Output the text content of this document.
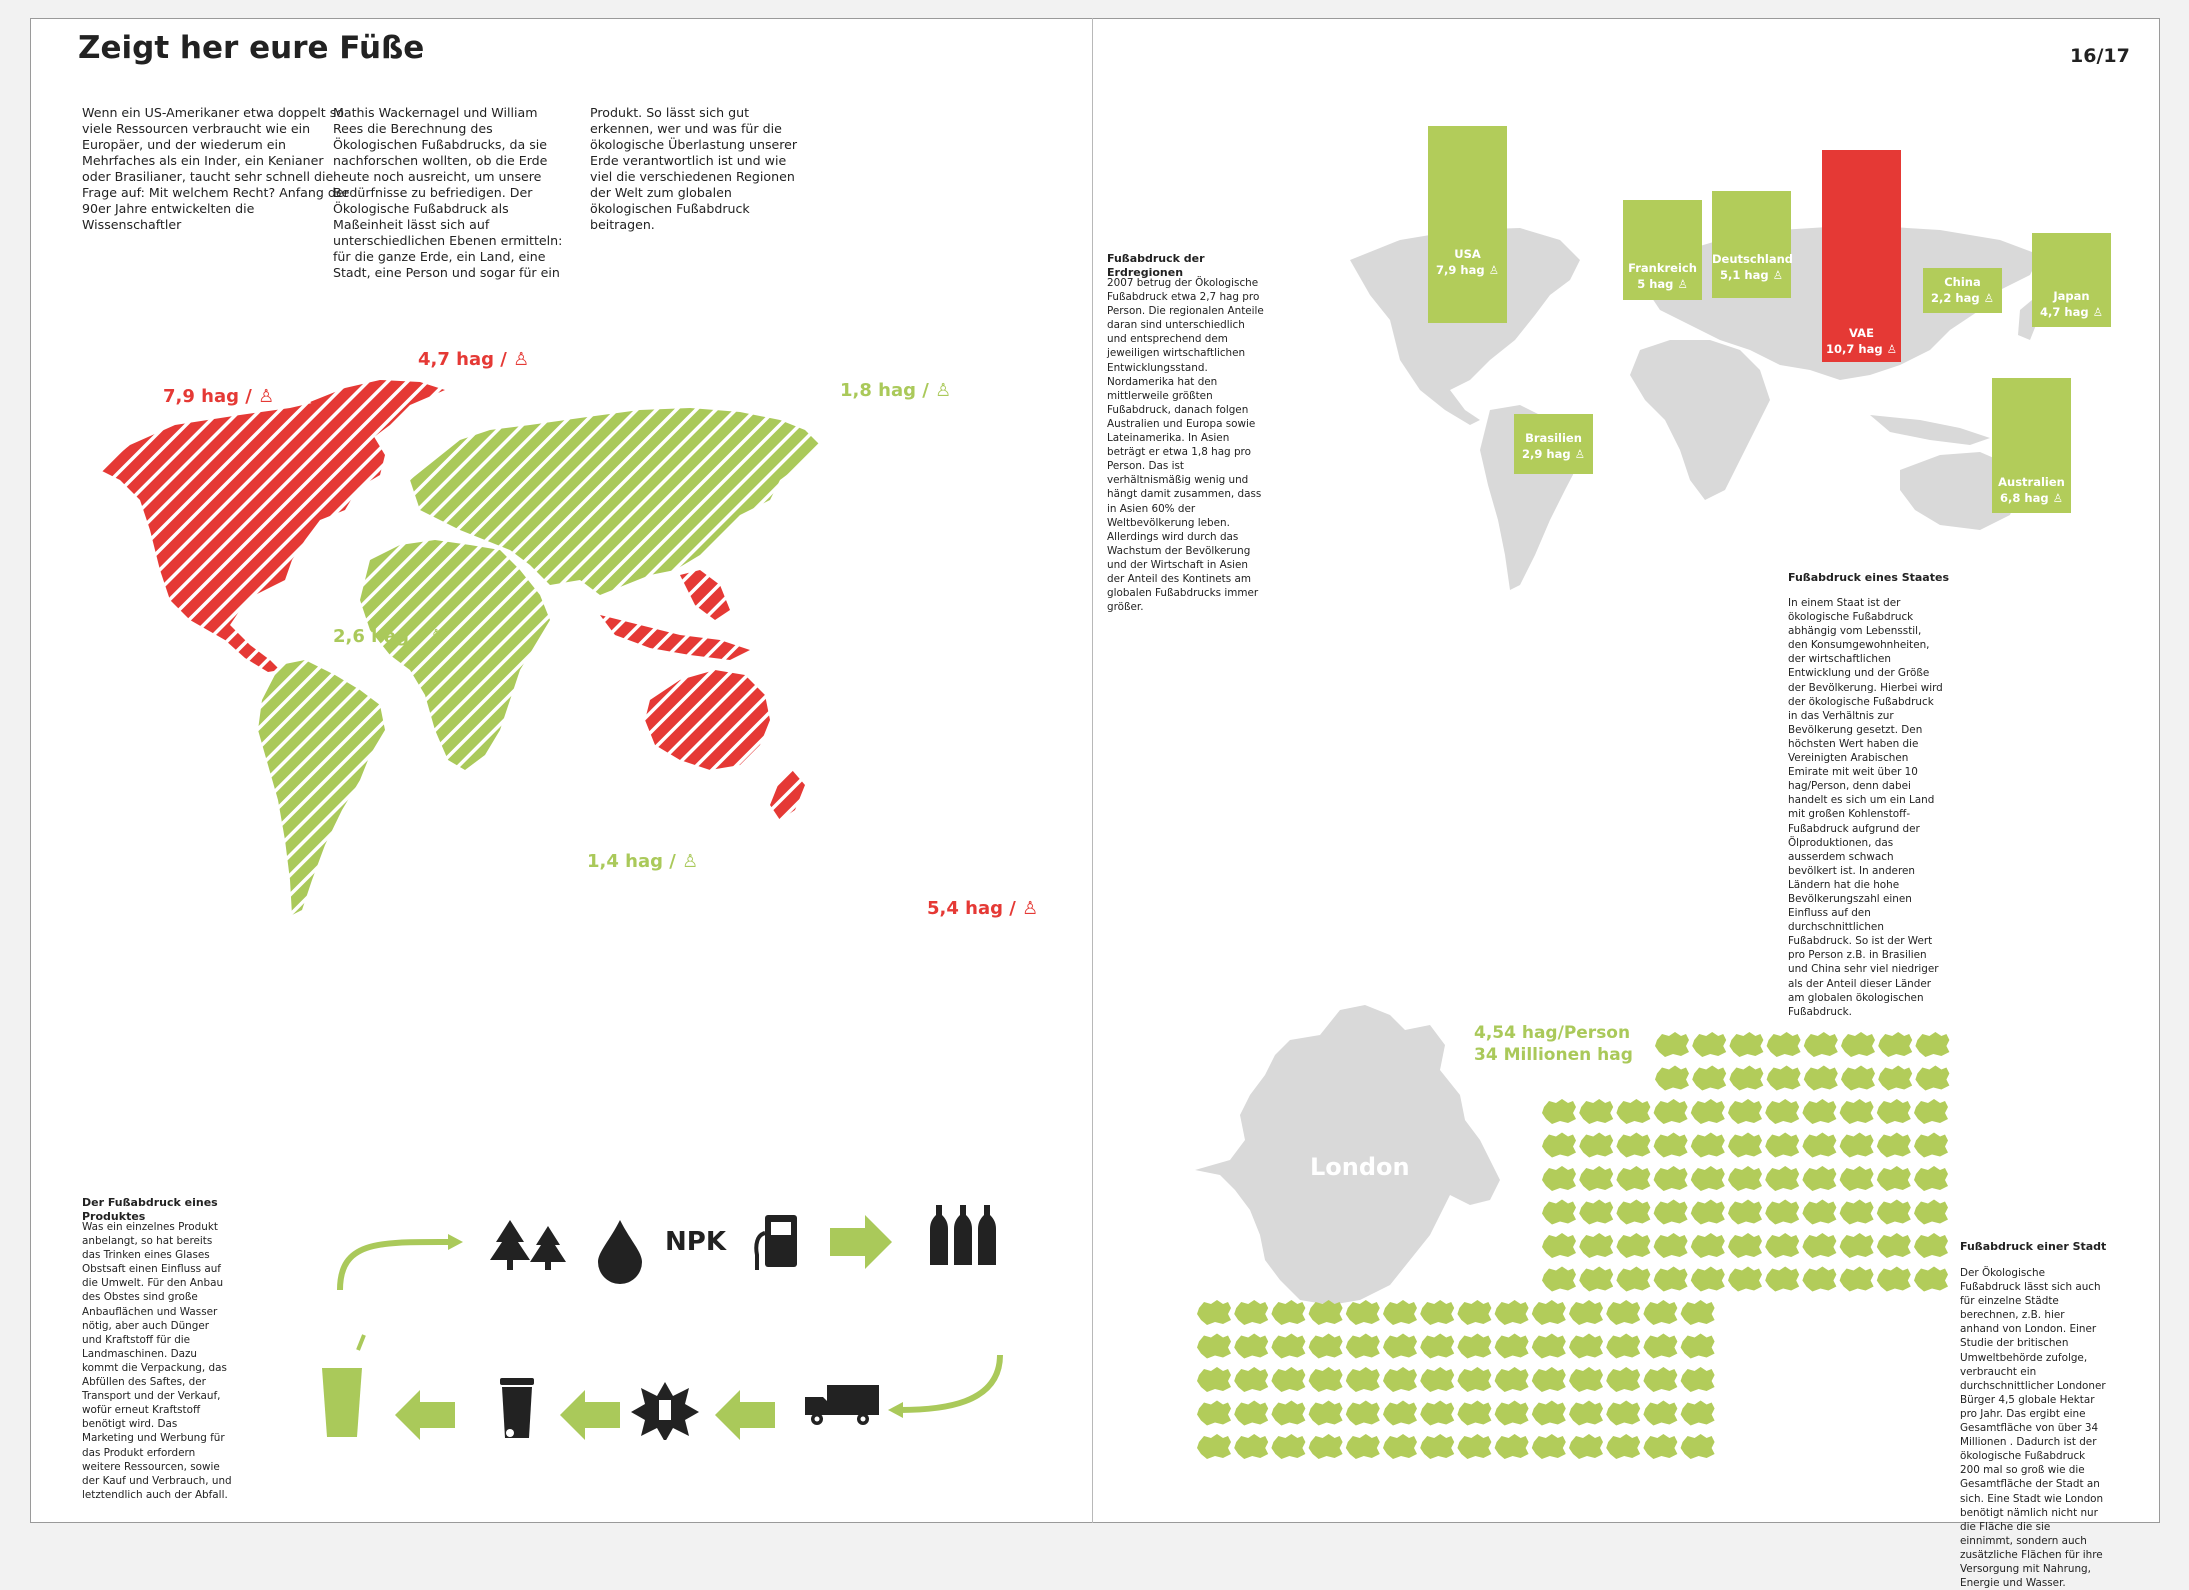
Zeigt her eure Füße
Wenn ein US-Amerikaner etwa doppelt so viele Ressourcen verbraucht wie ein Europäer, und der wiederum ein Mehrfaches als ein Inder, ein Kenianer oder Brasilianer, taucht sehr schnell die Frage auf: Mit welchem Recht? Anfang der 90er Jahre entwickelten die Wissenschaftler
Mathis Wackernagel und William Rees die Berechnung des Ökologischen Fußabdrucks, da sie nachforschen wollten, ob die Erde heute noch ausreicht, um unsere Bedürfnisse zu befriedigen. Der Ökologische Fußabdruck als Maßeinheit lässt sich auf unterschiedlichen Ebenen ermitteln: für die ganze Erde, ein Land, eine Stadt, eine Person und sogar für ein
Produkt. So lässt sich gut erkennen, wer und was für die ökologische Überlastung unserer Erde verantwortlich ist und wie viel die verschiedenen Regionen der Welt zum globalen ökologischen Fußabdruck beitragen.
7,9 hag / ♙
4,7 hag / ♙
1,8 hag / ♙
2,6 hag / ♙
1,4 hag / ♙
5,4 hag / ♙
Der Fußabdruck eines Produktes
Was ein einzelnes Produkt anbelangt, so hat bereits das Trinken eines Glases Obstsaft einen Einfluss auf die Umwelt. Für den Anbau des Obstes sind große Anbauflächen und Wasser nötig, aber auch Dünger und Kraftstoff für die Landmaschinen. Dazu kommt die Verpackung, das Abfüllen des Saftes, der Transport und der Verkauf, wofür erneut Kraftstoff benötigt wird. Das Marketing und Werbung für das Produkt erfordern weitere Ressourcen, sowie der Kauf und Verbrauch, und letztendlich auch der Abfall.
NPK
16/17
Fußabdruck der Erdregionen
2007 betrug der Ökologische Fußabdruck etwa 2,7 hag pro Person. Die regionalen Anteile daran sind unterschiedlich und entsprechend dem jeweiligen wirtschaftlichen Entwicklungsstand. Nordamerika hat den mittlerweile größten Fußabdruck, danach folgen Australien und Europa sowie Lateinamerika. In Asien beträgt er etwa 1,8 hag pro Person. Das ist verhältnismäßig wenig und hängt damit zusammen, dass in Asien 60% der Weltbevölkerung leben. Allerdings wird durch das Wachstum der Bevölkerung und der Wirtschaft in Asien der Anteil des Kontinets am globalen Fußabdrucks immer größer.
USA
7,9 hag ♙	Frankreich
5 hag ♙
Deutschland
5,1 hag ♙
VAE
10,7 hag ♙
China
2,2 hag ♙	Japan
4,7 hag ♙
Brasilien
2,9 hag ♙
Australien
6,8 hag ♙
Fußabdruck eines Staates
In einem Staat ist der ökologische Fußabdruck abhängig vom Lebensstil, den Konsumgewohnheiten, der wirtschaftlichen Entwicklung und der Größe der Bevölkerung. Hierbei wird der ökologische Fußabdruck in das Verhältnis zur Bevölkerung gesetzt. Den höchsten Wert haben die Vereinigten Arabischen Emirate mit weit über 10 hag/Person, denn dabei handelt es sich um ein Land mit großen Kohlenstoff-Fußabdruck aufgrund der Ölproduktionen, das ausserdem schwach bevölkert ist. In anderen Ländern hat die hohe Bevölkerungszahl einen Einfluss auf den durchschnittlichen Fußabdruck. So ist der Wert pro Person z.B. in Brasilien und China sehr viel niedriger als der Anteil dieser Länder am globalen ökologischen Fußabdruck.
London
4,54 hag/Person
34 Millionen hag
Fußabdruck einer Stadt
Der Ökologische Fußabdruck lässt sich auch für einzelne Städte berechnen, z.B. hier anhand von London. Einer Studie der britischen Umweltbehörde zufolge, verbraucht ein durchschnittlicher Londoner Bürger 4,5 globale Hektar pro Jahr. Das ergibt eine Gesamtfläche von über 34 Millionen . Dadurch ist der ökologische Fußabdruck 200 mal so groß wie die Gesamtfläche der Stadt an sich. Eine Stadt wie London benötigt nämlich nicht nur die Fläche die sie einnimmt, sondern auch zusätzliche Flächen für ihre Versorgung mit Nahrung, Energie und Wasser.
